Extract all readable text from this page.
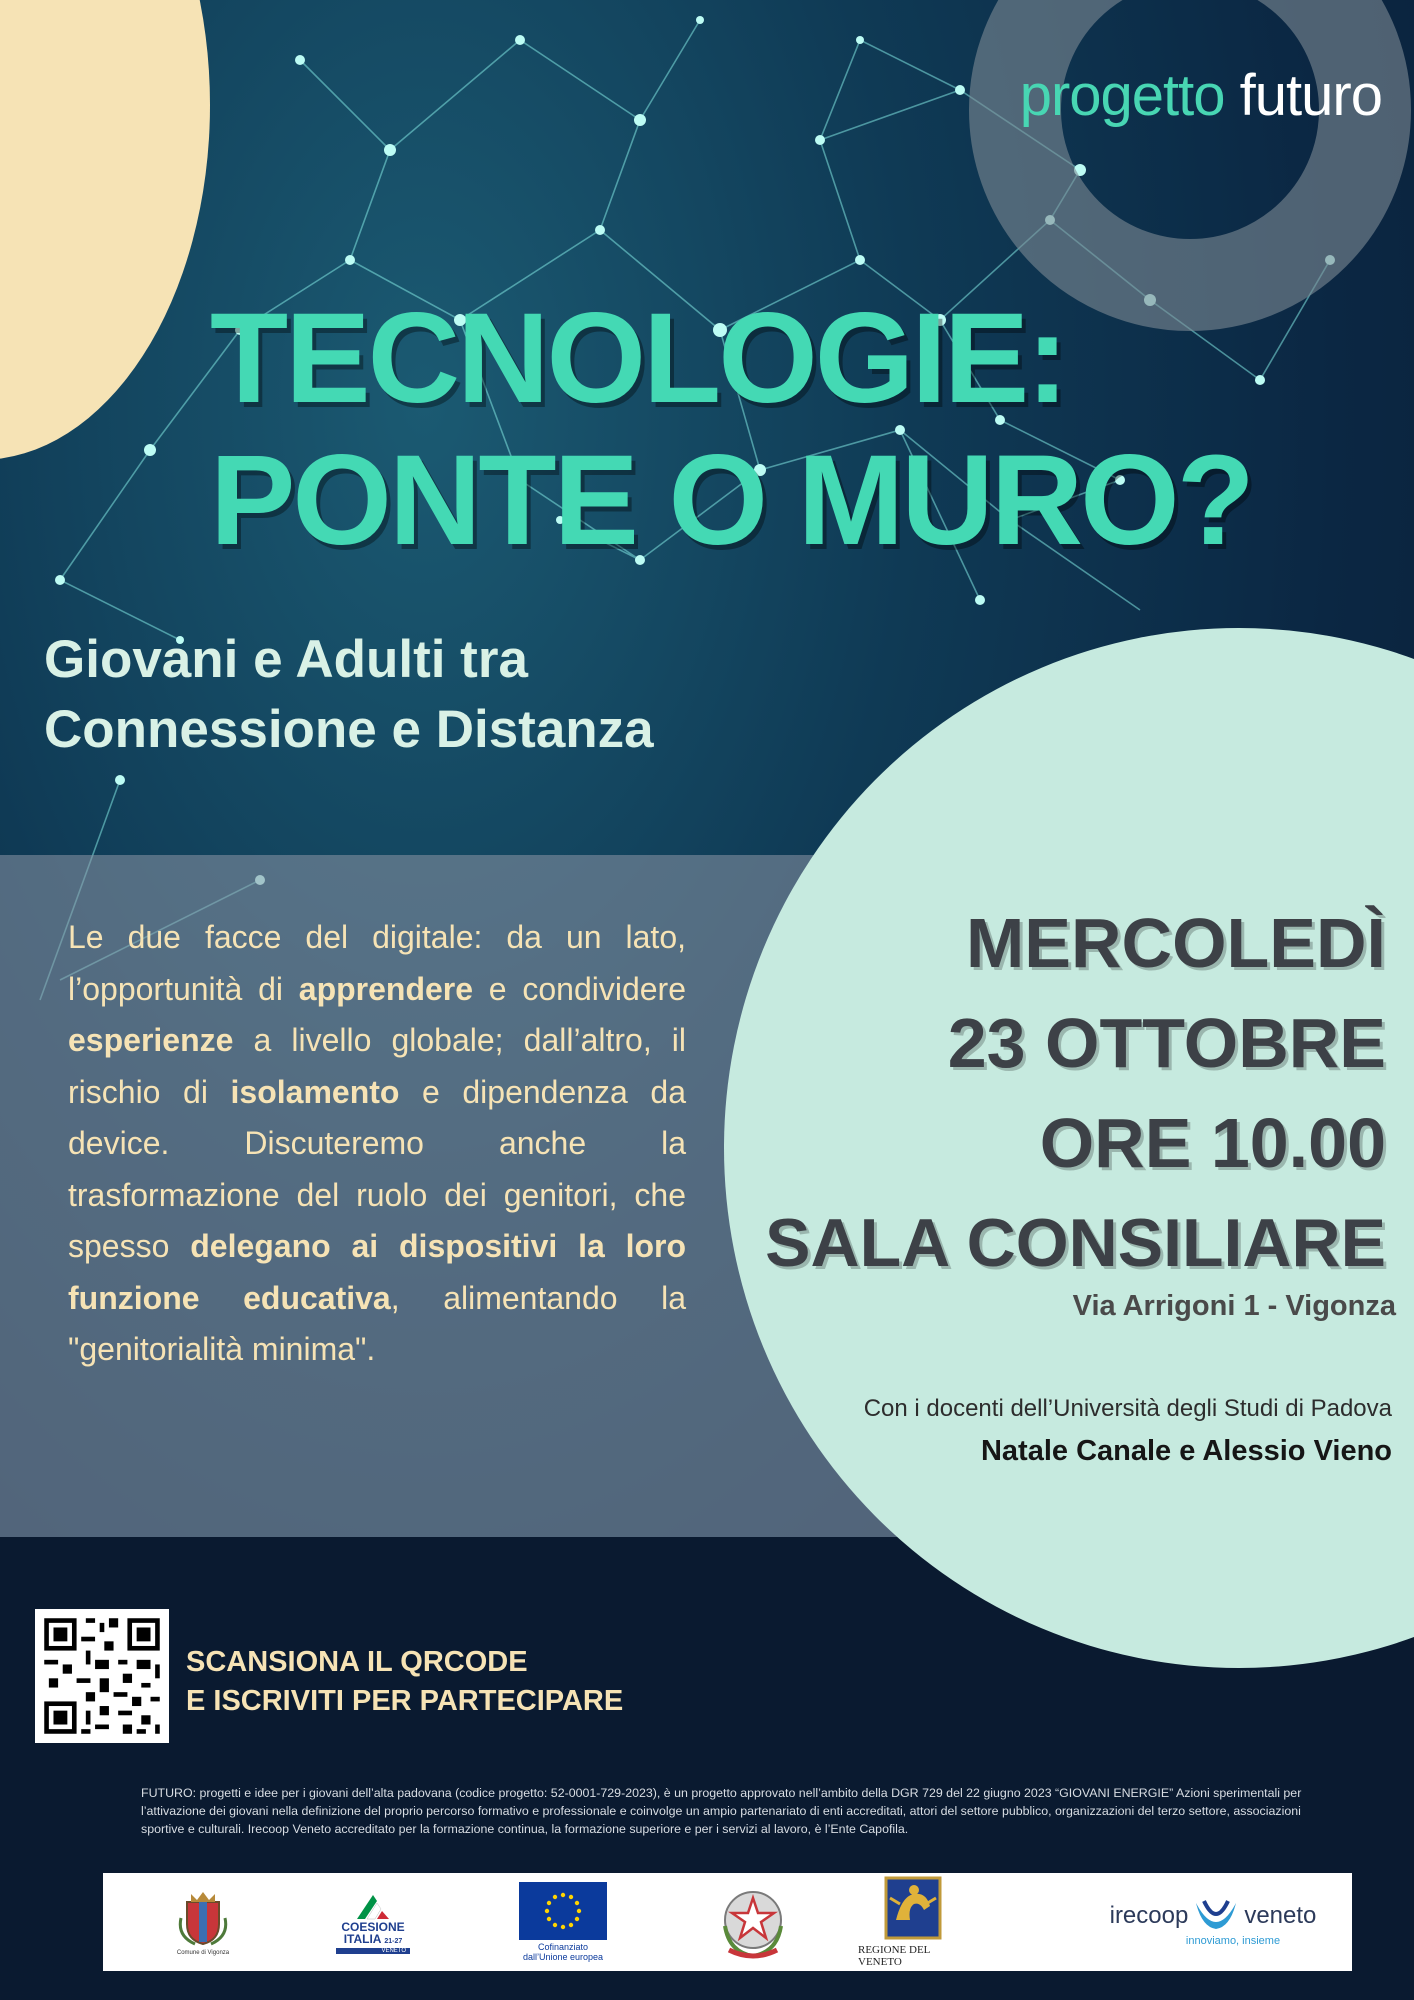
progetto futuro
TECNOLOGIE:
PONTE O MURO?
Giovani e Adulti tra
Connessione e Distanza
Le due facce del digitale: da un lato, l’opportunità di apprendere e condividere esperienze a livello globale; dall’altro, il rischio di isolamento e dipendenza da device. Discuteremo anche la trasformazione del ruolo dei genitori, che spesso delegano ai dispositivi la loro funzione educativa, alimentando la "genitorialità minima".
MERCOLEDÌ
23 OTTOBRE
ORE 10.00
SALA CONSILIARE
Via Arrigoni 1 - Vigonza
Con i docenti dell’Università degli Studi di Padova
Natale Canale e Alessio Vieno
SCANSIONA IL QRCODE
E ISCRIVITI PER PARTECIPARE
FUTURO: progetti e idee per i giovani dell’alta padovana (codice progetto: 52-0001-729-2023), è un progetto approvato nell’ambito della DGR 729 del 22 giugno 2023 “GIOVANI ENERGIE” Azioni sperimentali per l’attivazione dei giovani nella definizione del proprio percorso formativo e professionale e coinvolge un ampio partenariato di enti accreditati, attori del settore pubblico, organizzazioni del terzo settore, associazioni sportive e culturali. Irecoop Veneto accreditato per la formazione continua, la formazione superiore e per i servizi al lavoro, è l’Ente Capofila.
Comune di Vigonza
COESIONE
ITALIA 21-27
VENETO	Cofinanziato
dall’Unione europea
REGIONE DEL VENETO
irecoop veneto
innoviamo, insieme
